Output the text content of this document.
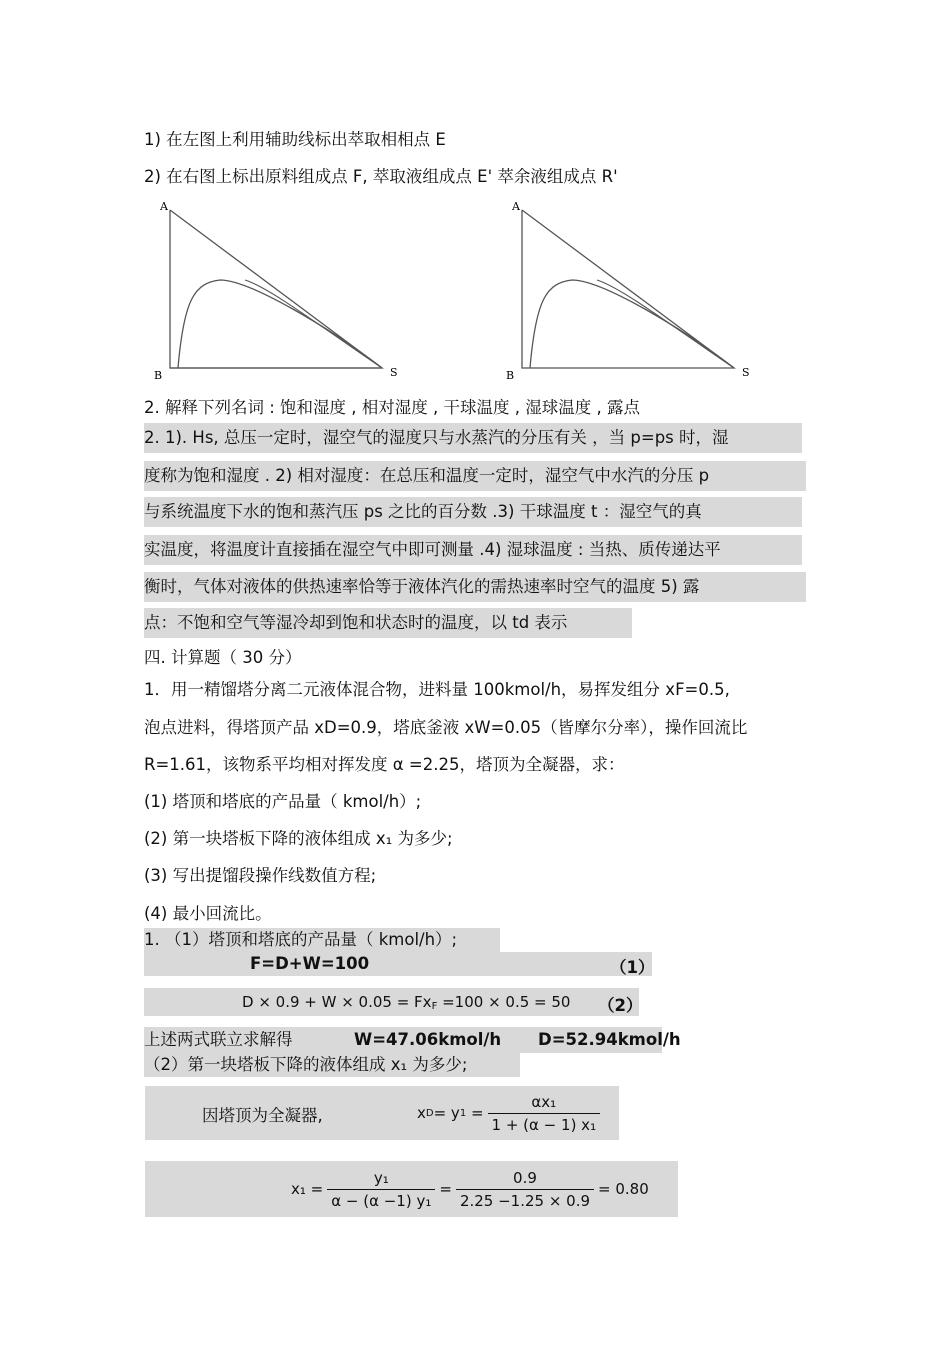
1) 在左图上利用辅助线标出萃取相相点 E
2) 在右图上标出原料组成点 F, 萃取液组成点 E' 萃余液组成点 R'
A
B	S
A
B	S
2. 解释下列名词 : 饱和湿度 , 相对湿度 , 干球温度 , 湿球温度 , 露点
2. 1). Hs, 总压一定时，湿空气的湿度只与水蒸汽的分压有关 ，当 p=ps 时，湿
度称为饱和湿度 . 2) 相对湿度：在总压和温度一定时，湿空气中水汽的分压 p
与系统温度下水的饱和蒸汽压 ps 之比的百分数 .3) 干球温度 t ：湿空气的真
实温度，将温度计直接插在湿空气中即可测量 .4) 湿球温度 : 当热、质传递达平
衡时，气体对液体的供热速率恰等于液体汽化的需热速率时空气的温度 5) 露
点：不饱和空气等湿冷却到饱和状态时的温度，以 td 表示
四. 计算题（ 30 分）
1．用一精馏塔分离二元液体混合物，进料量 100kmol/h，易挥发组分 xF=0.5,
泡点进料，得塔顶产品 xD=0.9，塔底釜液 xW=0.05（皆摩尔分率），操作回流比
R=1.61，该物系平均相对挥发度 α =2.25，塔顶为全凝器，求：
(1) 塔顶和塔底的产品量（ kmol/h）;
(2) 第一块塔板下降的液体组成 x₁ 为多少;
(3) 写出提馏段操作线数值方程;
(4) 最小回流比。
1. （1）塔顶和塔底的产品量（ kmol/h）;
F=D+W=100	（1）
$D \times 0.9 + W \times 0.05 = Fx_F =100 \times 0.5 = 50$ （2）
上述两式联立求解得	W=47.06kmol/h D=52.94kmol/h
（2）第一块塔板下降的液体组成 x₁ 为多少;
因塔顶为全凝器,	x D = y $1 = \frac{\text{αx₁}}{\text{1 + (α − 1) x₁}}$
$x_1 = \frac{\text{y₁}}{\text{α − (α −1) y₁}} = \frac{0.9}{2.25 -1.25 \times 0.9} = 0.80$
